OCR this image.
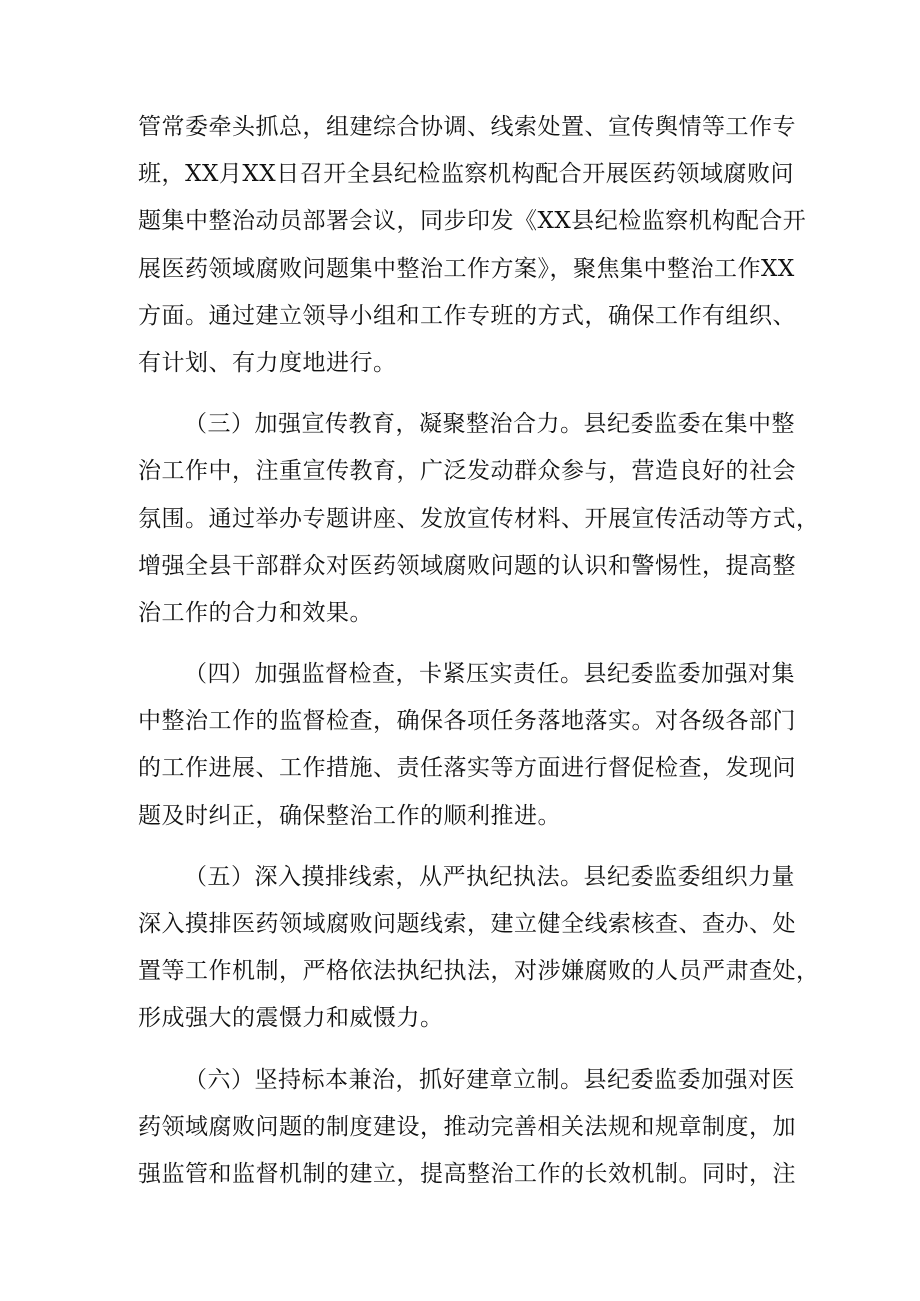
管常委牵头抓总，组建综合协调、线索处置、宣传舆情等工作专
班，XX月XX日召开全县纪检监察机构配合开展医药领域腐败问
题集中整治动员部署会议，同步印发《XX县纪检监察机构配合开
展医药领域腐败问题集中整治工作方案》，聚焦集中整治工作XX
方面。通过建立领导小组和工作专班的方式，确保工作有组织、
有计划、有力度地进行。
（三）加强宣传教育，凝聚整治合力。县纪委监委在集中整
治工作中，注重宣传教育，广泛发动群众参与，营造良好的社会
氛围。通过举办专题讲座、发放宣传材料、开展宣传活动等方式，
增强全县干部群众对医药领域腐败问题的认识和警惕性，提高整
治工作的合力和效果。
（四）加强监督检查，卡紧压实责任。县纪委监委加强对集
中整治工作的监督检查，确保各项任务落地落实。对各级各部门
的工作进展、工作措施、责任落实等方面进行督促检查，发现问
题及时纠正，确保整治工作的顺利推进。
（五）深入摸排线索，从严执纪执法。县纪委监委组织力量
深入摸排医药领域腐败问题线索，建立健全线索核查、查办、处
置等工作机制，严格依法执纪执法，对涉嫌腐败的人员严肃查处，
形成强大的震慑力和威慑力。
（六）坚持标本兼治，抓好建章立制。县纪委监委加强对医
药领域腐败问题的制度建设，推动完善相关法规和规章制度，加
强监管和监督机制的建立，提高整治工作的长效机制。同时，注
